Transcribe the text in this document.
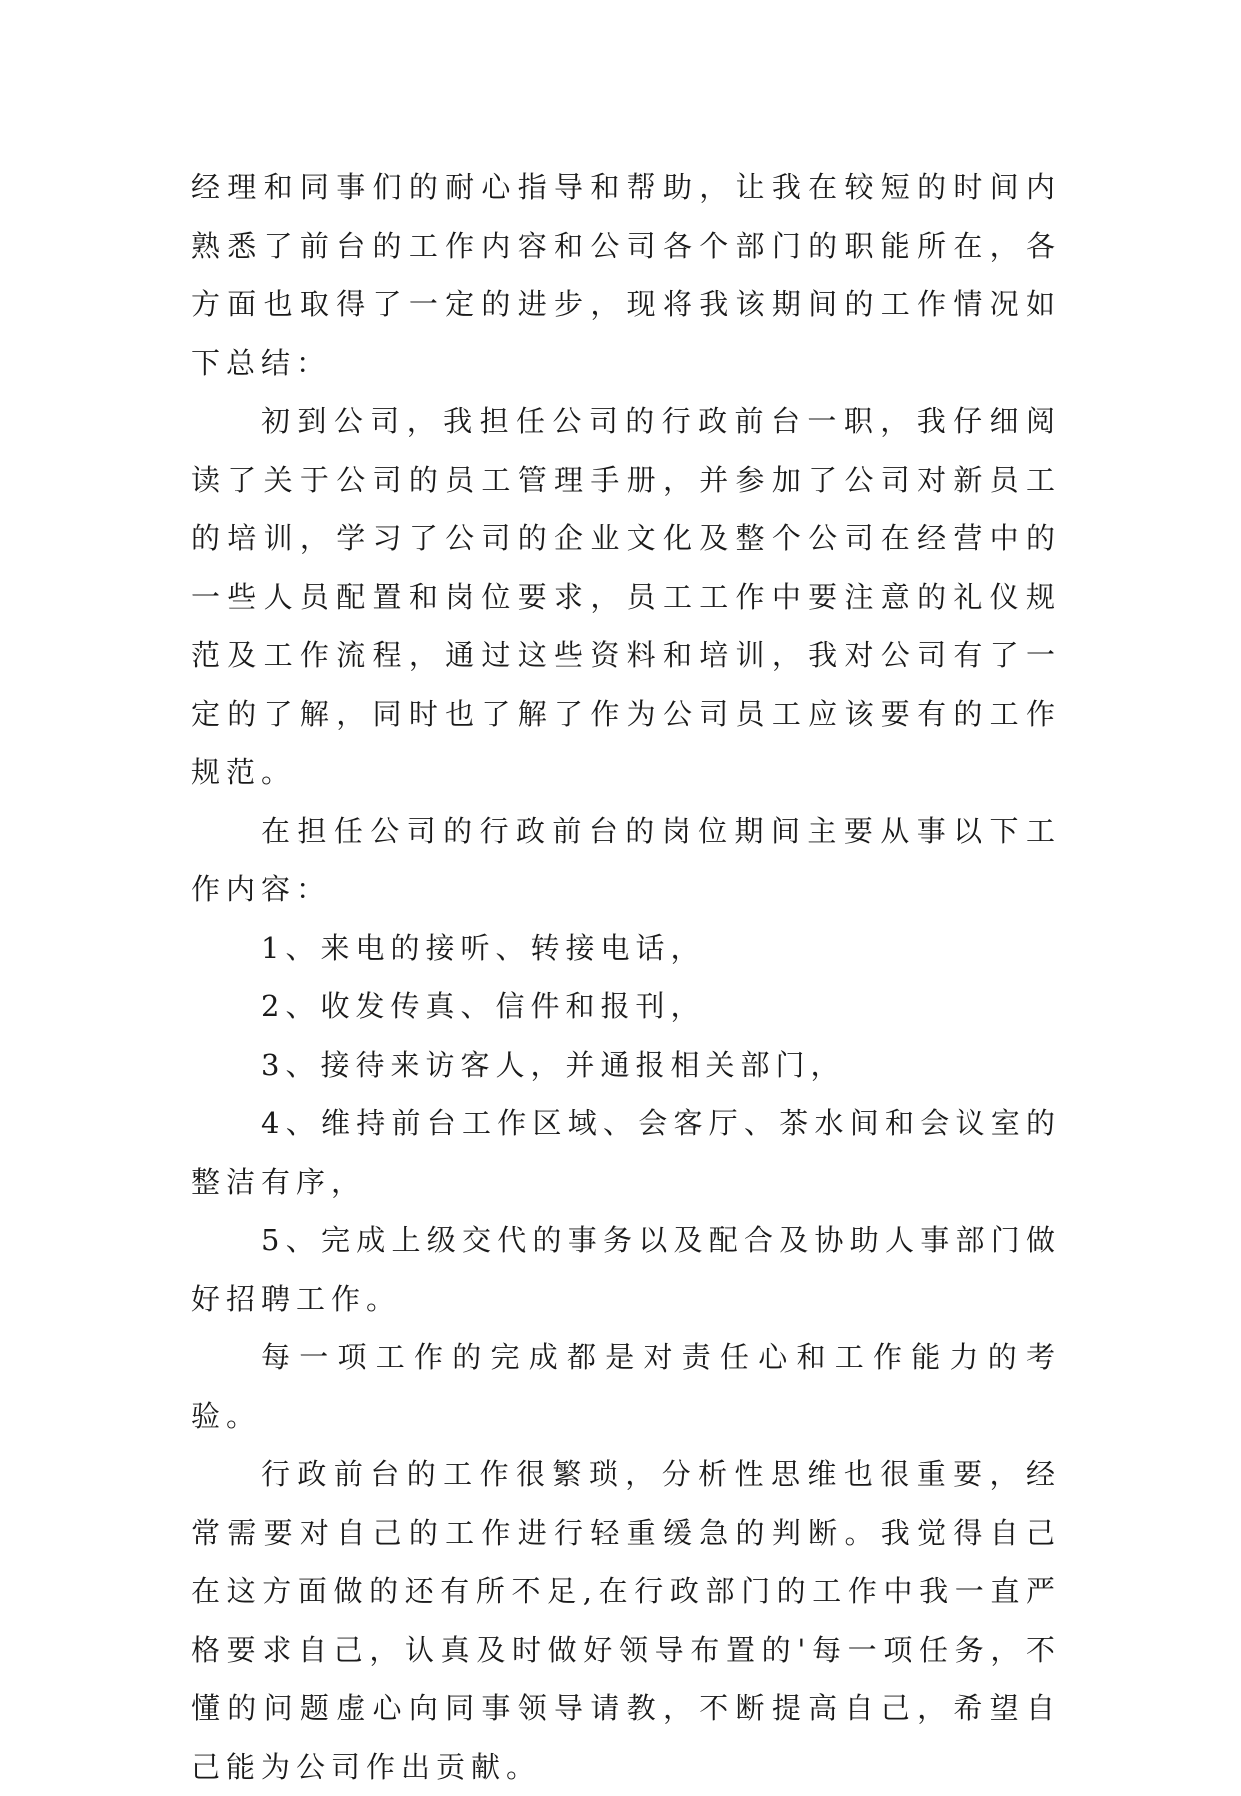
经理和同事们的耐心指导和帮助，让我在较短的时间内熟悉了前台的工作内容和公司各个部门的职能所在，各方面也取得了一定的进步，现将我该期间的工作情况如下总结：

初到公司，我担任公司的行政前台一职，我仔细阅读了关于公司的员工管理手册，并参加了公司对新员工的培训，学习了公司的企业文化及整个公司在经营中的一些人员配置和岗位要求，员工工作中要注意的礼仪规范及工作流程，通过这些资料和培训，我对公司有了一定的了解，同时也了解了作为公司员工应该要有的工作规范。

在担任公司的行政前台的岗位期间主要从事以下工作内容：

1、来电的接听、转接电话，

2、收发传真、信件和报刊，

3、接待来访客人，并通报相关部门，

4、维持前台工作区域、会客厅、茶水间和会议室的整洁有序，

5、完成上级交代的事务以及配合及协助人事部门做好招聘工作。

每一项工作的完成都是对责任心和工作能力的考验。

行政前台的工作很繁琐，分析性思维也很重要，经常需要对自己的工作进行轻重缓急的判断。我觉得自己在这方面做的还有所不足,在行政部门的工作中我一直严格要求自己，认真及时做好领导布置的'每一项任务，不懂的问题虚心向同事领导请教，不断提高自己，希望自己能为公司作出贡献。
